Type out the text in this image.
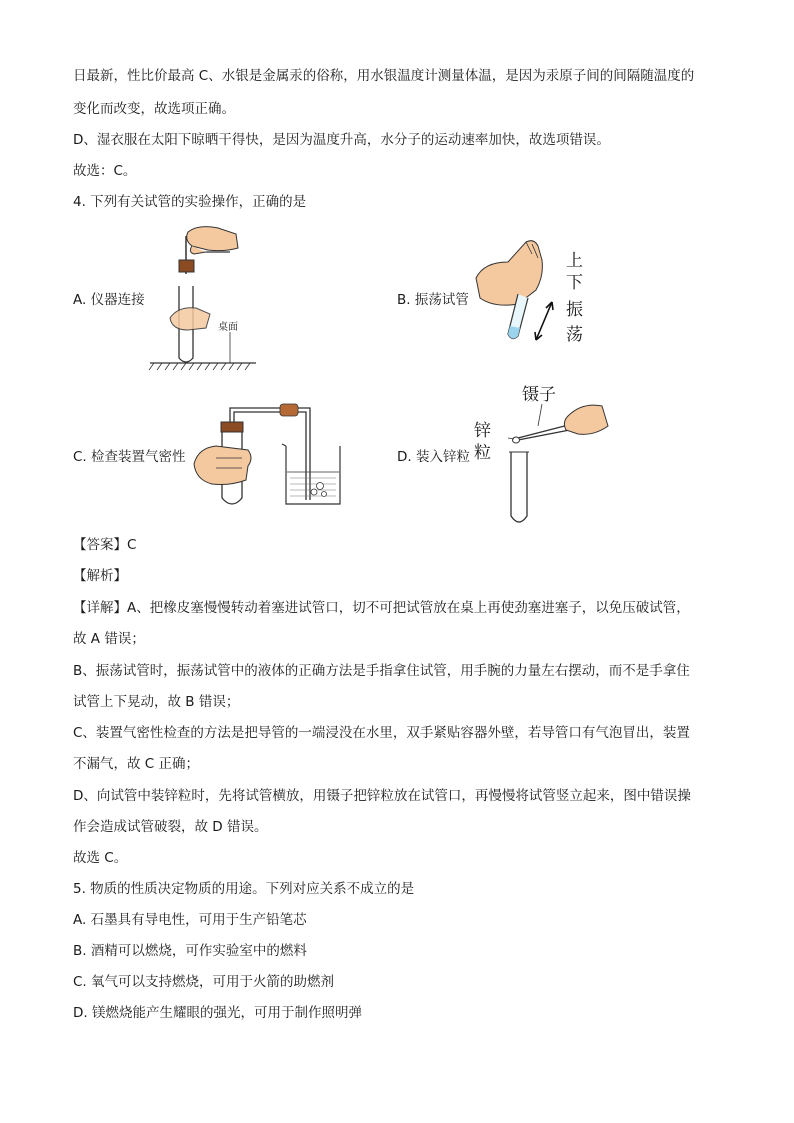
日最新，性比价最高 C、水银是金属汞的俗称，用水银温度计测量体温，是因为汞原子间的间隔随温度的
变化而改变，故选项正确。
D、湿衣服在太阳下晾晒干得快，是因为温度升高，水分子的运动速率加快，故选项错误。
故选：C。
4. 下列有关试管的实验操作，正确的是
A. 仪器连接	B. 振荡试管
C. 检查装置气密性	D. 装入锌粒
桌面
上
下
振
荡
镊子
锌
粒
【答案】C
【解析】
【详解】A、把橡皮塞慢慢转动着塞进试管口，切不可把试管放在桌上再使劲塞进塞子，以免压破试管，
故 A 错误；
B、振荡试管时，振荡试管中的液体的正确方法是手指拿住试管，用手腕的力量左右摆动，而不是手拿住
试管上下晃动，故 B 错误；
C、装置气密性检查的方法是把导管的一端浸没在水里，双手紧贴容器外壁，若导管口有气泡冒出，装置
不漏气，故 C 正确；
D、向试管中装锌粒时，先将试管横放，用镊子把锌粒放在试管口，再慢慢将试管竖立起来，图中错误操
作会造成试管破裂，故 D 错误。
故选 C。
5. 物质的性质决定物质的用途。下列对应关系不成立的是
A. 石墨具有导电性，可用于生产铅笔芯
B. 酒精可以燃烧，可作实验室中的燃料
C. 氧气可以支持燃烧，可用于火箭的助燃剂
D. 镁燃烧能产生耀眼的强光，可用于制作照明弹
